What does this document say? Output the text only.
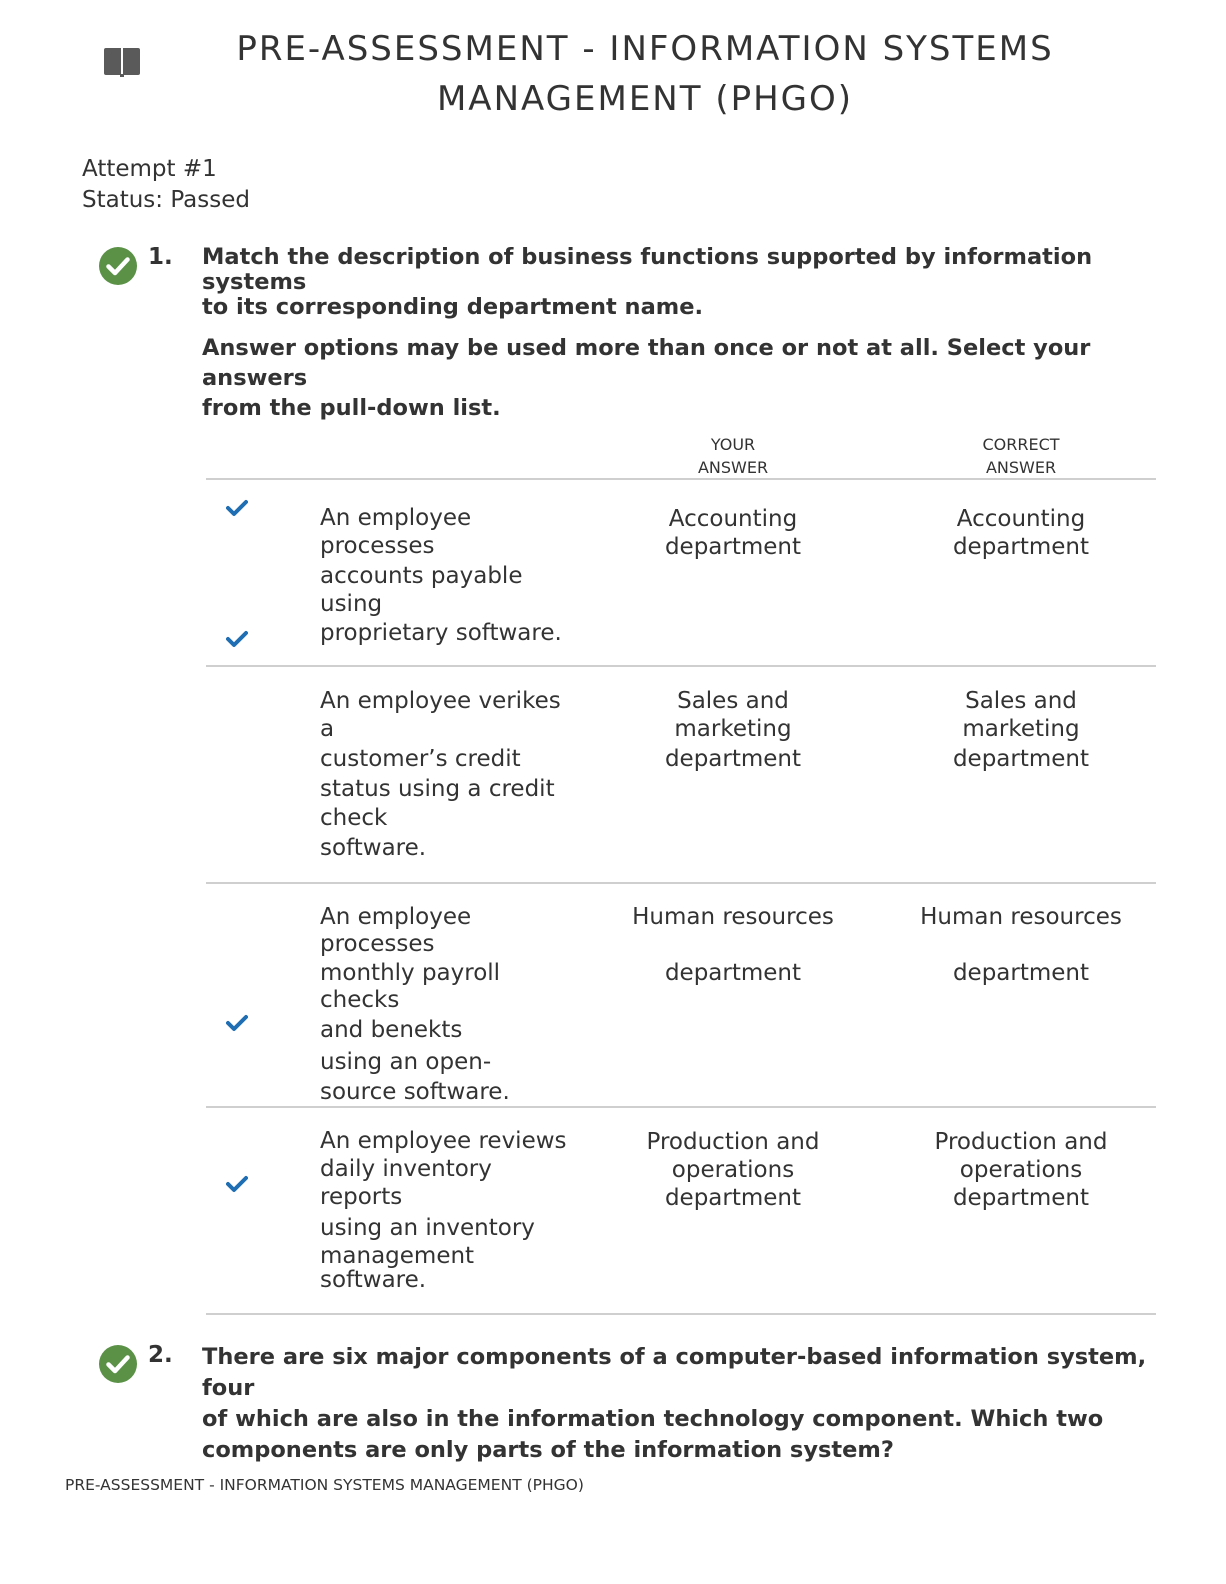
PRE-ASSESSMENT - INFORMATION SYSTEMS
MANAGEMENT (PHGO)
Attempt #1
Status: Passed
1. Match the description of business functions supported by information systems
to its corresponding department name.
Answer options may be used more than once or not at all. Select your answers
from the pull-down list.
YOUR
ANSWER
CORRECT
ANSWER
An employee
processes
accounts payable
using
proprietary software.
Accounting
department
Accounting
department
An employee verikes
a
customer’s credit
status using a credit
check
software.
Sales and
marketing
department
Sales and
marketing
department
An employee
processes
monthly payroll
checks
and benekts
using an open-
source software.
Human resources
department
Human resources
department
An employee reviews
daily inventory
reports
using an inventory
management
software.
Production and
operations
department
Production and
operations
department
2. There are six major components of a computer-based information system, four
of which are also in the information technology component. Which two
components are only parts of the information system?
PRE-ASSESSMENT - INFORMATION SYSTEMS MANAGEMENT (PHGO)
